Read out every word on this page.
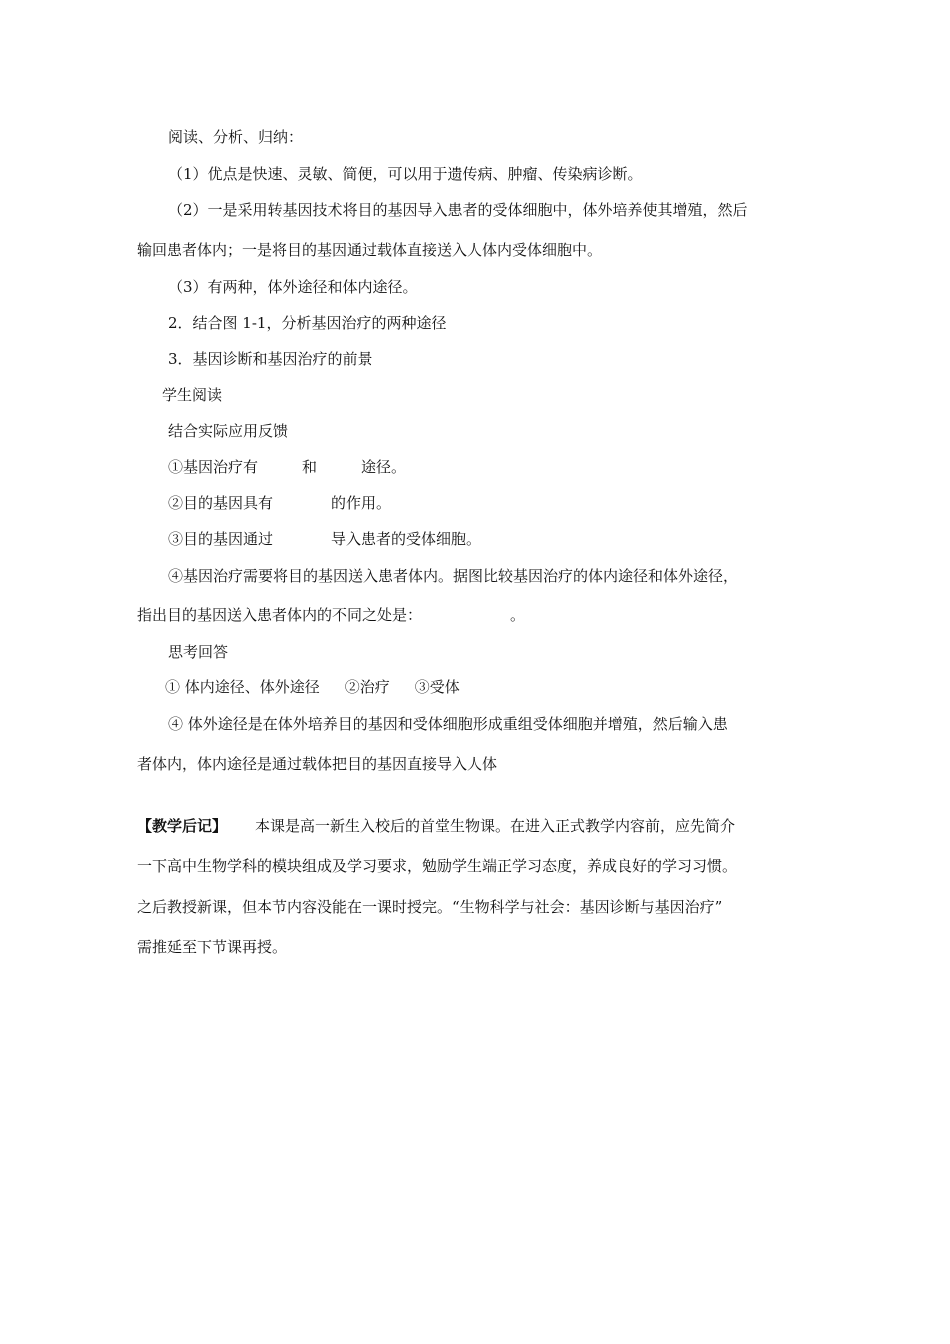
阅读、分析、归纳：
（1）优点是快速、灵敏、简便，可以用于遗传病、肿瘤、传染病诊断。
（2）一是采用转基因技术将目的基因导入患者的受体细胞中，体外培养使其增殖，然后
输回患者体内；一是将目的基因通过载体直接送入人体内受体细胞中。
（3）有两种，体外途径和体内途径。
2．结合图 1-1，分析基因治疗的两种途径
3．基因诊断和基因治疗的前景
学生阅读
结合实际应用反馈
①基因治疗有	和	途径。
②目的基因具有	的作用。
③目的基因通过	导入患者的受体细胞。
④基因治疗需要将目的基因送入患者体内。据图比较基因治疗的体内途径和体外途径，
指出目的基因送入患者体内的不同之处是：	。
思考回答
① 体内途径、体外途径 ②治疗 ③受体
④ 体外途径是在体外培养目的基因和受体细胞形成重组受体细胞并增殖，然后输入患
者体内，体内途径是通过载体把目的基因直接导入人体
【教学后记】 本课是高一新生入校后的首堂生物课。在进入正式教学内容前，应先简介
一下高中生物学科的模块组成及学习要求，勉励学生端正学习态度，养成良好的学习习惯。
之后教授新课，但本节内容没能在一课时授完。“生物科学与社会：基因诊断与基因治疗”
需推延至下节课再授。
